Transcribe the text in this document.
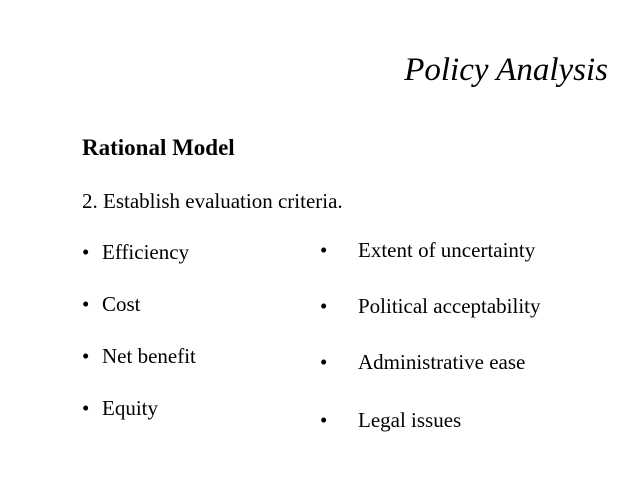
Policy Analysis
Rational Model
2. Establish evaluation criteria.
• Efficiency
• Cost
• Net benefit
• Equity
• Extent of uncertainty
• Political acceptability
• Administrative ease
• Legal issues
